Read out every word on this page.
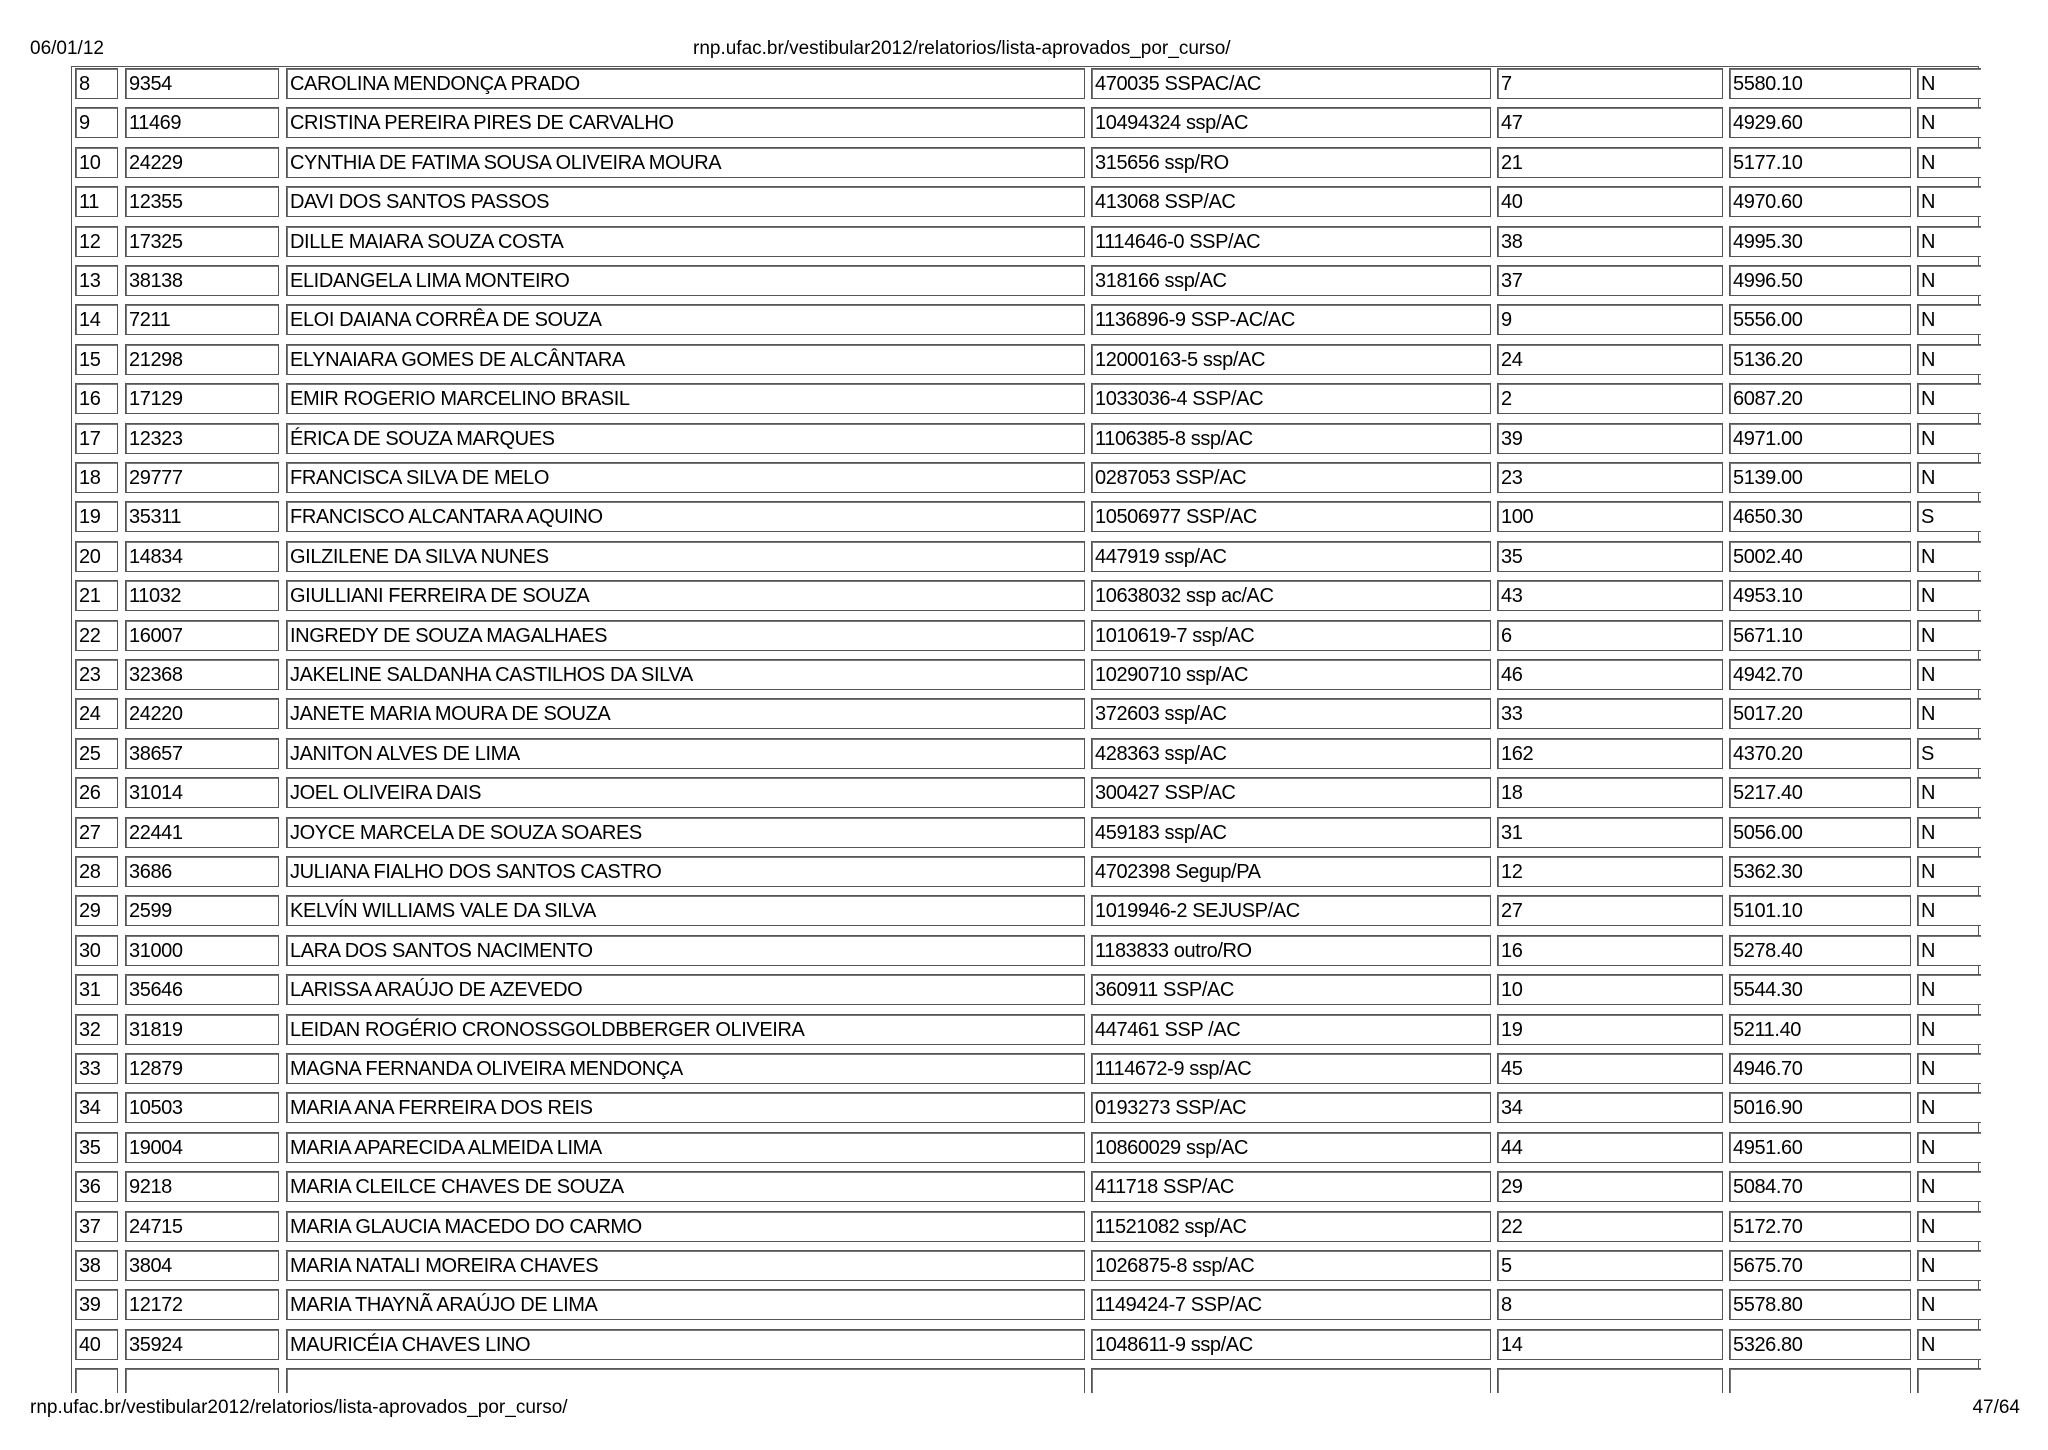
06/01/12	rnp.ufac.br/vestibular2012/relatorios/lista-aprovados_por_curso/
8	9354	CAROLINA MENDONÇA PRADO	470035 SSPAC/AC	7	5580.10	N
9	11469	CRISTINA PEREIRA PIRES DE CARVALHO	10494324 ssp/AC	47	4929.60	N
10	24229	CYNTHIA DE FATIMA SOUSA OLIVEIRA MOURA	315656 ssp/RO	21	5177.10	N
11	12355	DAVI DOS SANTOS PASSOS	413068 SSP/AC	40	4970.60	N
12	17325	DILLE MAIARA SOUZA COSTA	1114646-0 SSP/AC	38	4995.30	N
13	38138	ELIDANGELA LIMA MONTEIRO	318166 ssp/AC	37	4996.50	N
14	7211	ELOI DAIANA CORRÊA DE SOUZA	1136896-9 SSP-AC/AC	9	5556.00	N
15	21298	ELYNAIARA GOMES DE ALCÂNTARA	12000163-5 ssp/AC	24	5136.20	N
16	17129	EMIR ROGERIO MARCELINO BRASIL	1033036-4 SSP/AC	2	6087.20	N
17	12323	ÉRICA DE SOUZA MARQUES	1106385-8 ssp/AC	39	4971.00	N
18	29777	FRANCISCA SILVA DE MELO	0287053 SSP/AC	23	5139.00	N
19	35311	FRANCISCO ALCANTARA AQUINO	10506977 SSP/AC	100	4650.30	S
20	14834	GILZILENE DA SILVA NUNES	447919 ssp/AC	35	5002.40	N
21	11032	GIULLIANI FERREIRA DE SOUZA	10638032 ssp ac/AC	43	4953.10	N
22	16007	INGREDY DE SOUZA MAGALHAES	1010619-7 ssp/AC	6	5671.10	N
23	32368	JAKELINE SALDANHA CASTILHOS DA SILVA	10290710 ssp/AC	46	4942.70	N
24	24220	JANETE MARIA MOURA DE SOUZA	372603 ssp/AC	33	5017.20	N
25	38657	JANITON ALVES DE LIMA	428363 ssp/AC	162	4370.20	S
26	31014	JOEL OLIVEIRA DAIS	300427 SSP/AC	18	5217.40	N
27	22441	JOYCE MARCELA DE SOUZA SOARES	459183 ssp/AC	31	5056.00	N
28	3686	JULIANA FIALHO DOS SANTOS CASTRO	4702398 Segup/PA	12	5362.30	N
29	2599	KELVÍN WILLIAMS VALE DA SILVA	1019946-2 SEJUSP/AC	27	5101.10	N
30	31000	LARA DOS SANTOS NACIMENTO	1183833 outro/RO	16	5278.40	N
31	35646	LARISSA ARAÚJO DE AZEVEDO	360911 SSP/AC	10	5544.30	N
32	31819	LEIDAN ROGÉRIO CRONOSSGOLDBBERGER OLIVEIRA	447461 SSP /AC	19	5211.40	N
33	12879	MAGNA FERNANDA OLIVEIRA MENDONÇA	1114672-9 ssp/AC	45	4946.70	N
34	10503	MARIA ANA FERREIRA DOS REIS	0193273 SSP/AC	34	5016.90	N
35	19004	MARIA APARECIDA ALMEIDA LIMA	10860029 ssp/AC	44	4951.60	N
36	9218	MARIA CLEILCE CHAVES DE SOUZA	411718 SSP/AC	29	5084.70	N
37	24715	MARIA GLAUCIA MACEDO DO CARMO	11521082 ssp/AC	22	5172.70	N
38	3804	MARIA NATALI MOREIRA CHAVES	1026875-8 ssp/AC	5	5675.70	N
39	12172	MARIA THAYNÃ ARAÚJO DE LIMA	1149424-7 SSP/AC	8	5578.80	N
40	35924	MAURICÉIA CHAVES LINO	1048611-9 ssp/AC	14	5326.80	N
rnp.ufac.br/vestibular2012/relatorios/lista-aprovados_por_curso/	47/64
